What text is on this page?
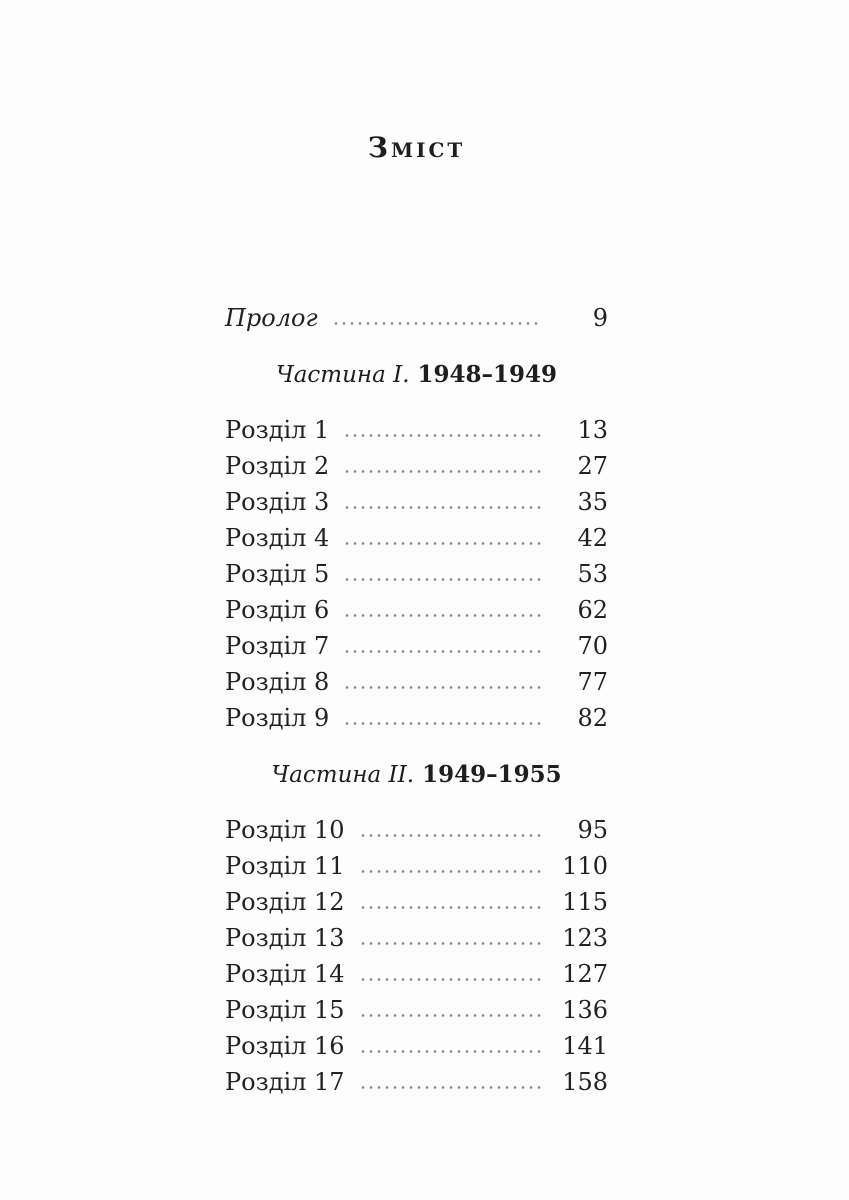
Зміст
Пролог	9
Частина I. 1948–1949
Розділ 1	13
Розділ 2	27
Розділ 3	35
Розділ 4	42
Розділ 5	53
Розділ 6	62
Розділ 7	70
Розділ 8	77
Розділ 9	82
Частина II. 1949–1955
Розділ 10	95
Розділ 11	110
Розділ 12	115
Розділ 13	123
Розділ 14	127
Розділ 15	136
Розділ 16	141
Розділ 17	158
